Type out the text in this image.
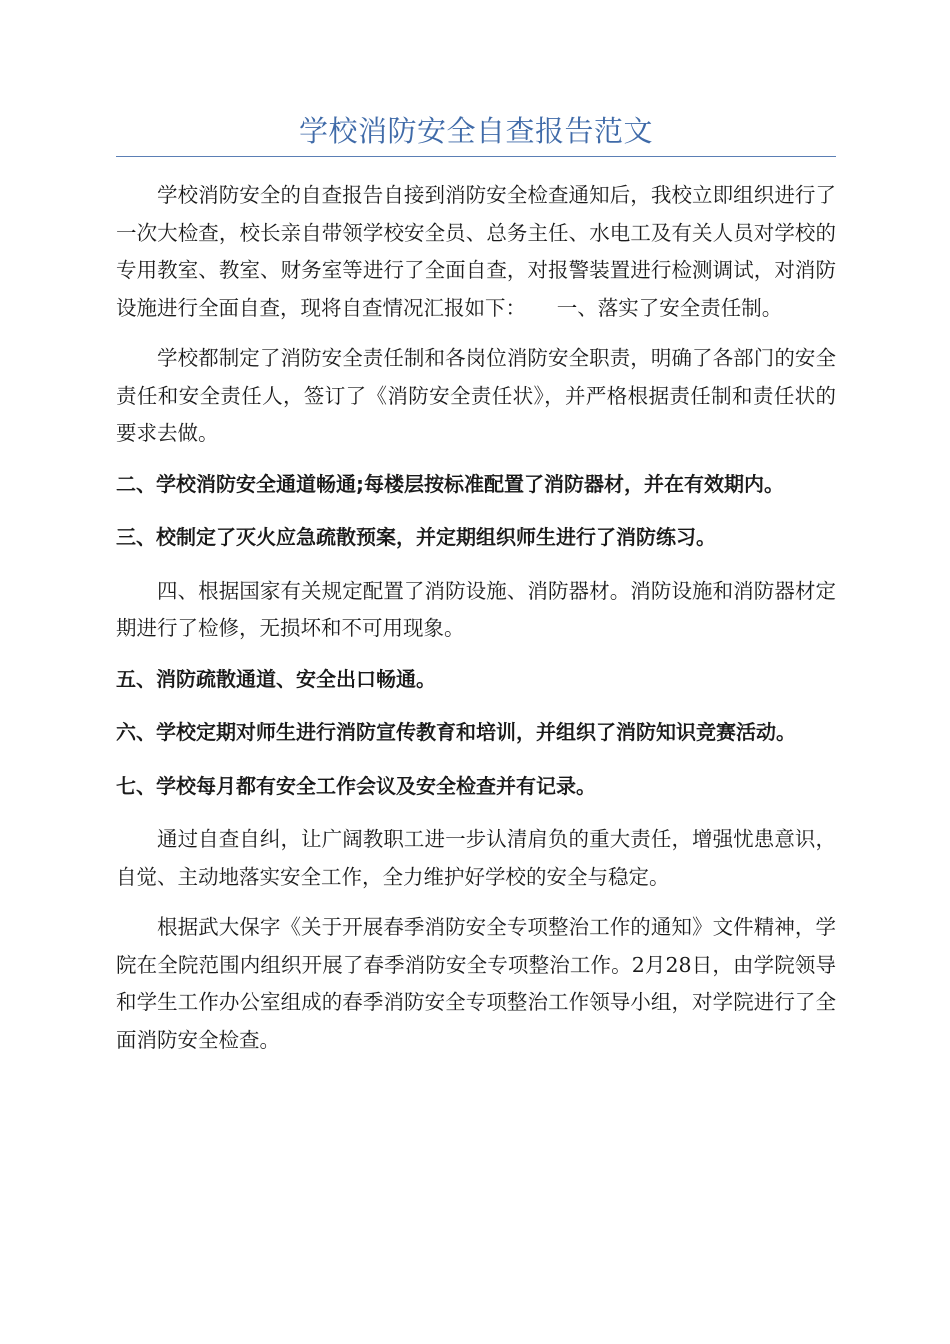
学校消防安全自查报告范文

学校消防安全的自查报告自接到消防安全检查通知后，我校立即组织进行了一次大检查，校长亲自带领学校安全员、总务主任、水电工及有关人员对学校的专用教室、教室、财务室等进行了全面自查，对报警装置进行检测调试，对消防设施进行全面自查，现将自查情况汇报如下：　　一、落实了安全责任制。

学校都制定了消防安全责任制和各岗位消防安全职责，明确了各部门的安全责任和安全责任人，签订了《消防安全责任状》，并严格根据责任制和责任状的要求去做。

二、学校消防安全通道畅通;每楼层按标准配置了消防器材，并在有效期内。

三、校制定了灭火应急疏散预案，并定期组织师生进行了消防练习。

四、根据国家有关规定配置了消防设施、消防器材。消防设施和消防器材定期进行了检修，无损坏和不可用现象。

五、消防疏散通道、安全出口畅通。

六、学校定期对师生进行消防宣传教育和培训，并组织了消防知识竞赛活动。

七、学校每月都有安全工作会议及安全检查并有记录。

通过自查自纠，让广阔教职工进一步认清肩负的重大责任，增强忧患意识，自觉、主动地落实安全工作，全力维护好学校的安全与稳定。

根据武大保字《关于开展春季消防安全专项整治工作的通知》文件精神，学院在全院范围内组织开展了春季消防安全专项整治工作。2月28日，由学院领导和学生工作办公室组成的春季消防安全专项整治工作领导小组，对学院进行了全面消防安全检查。
